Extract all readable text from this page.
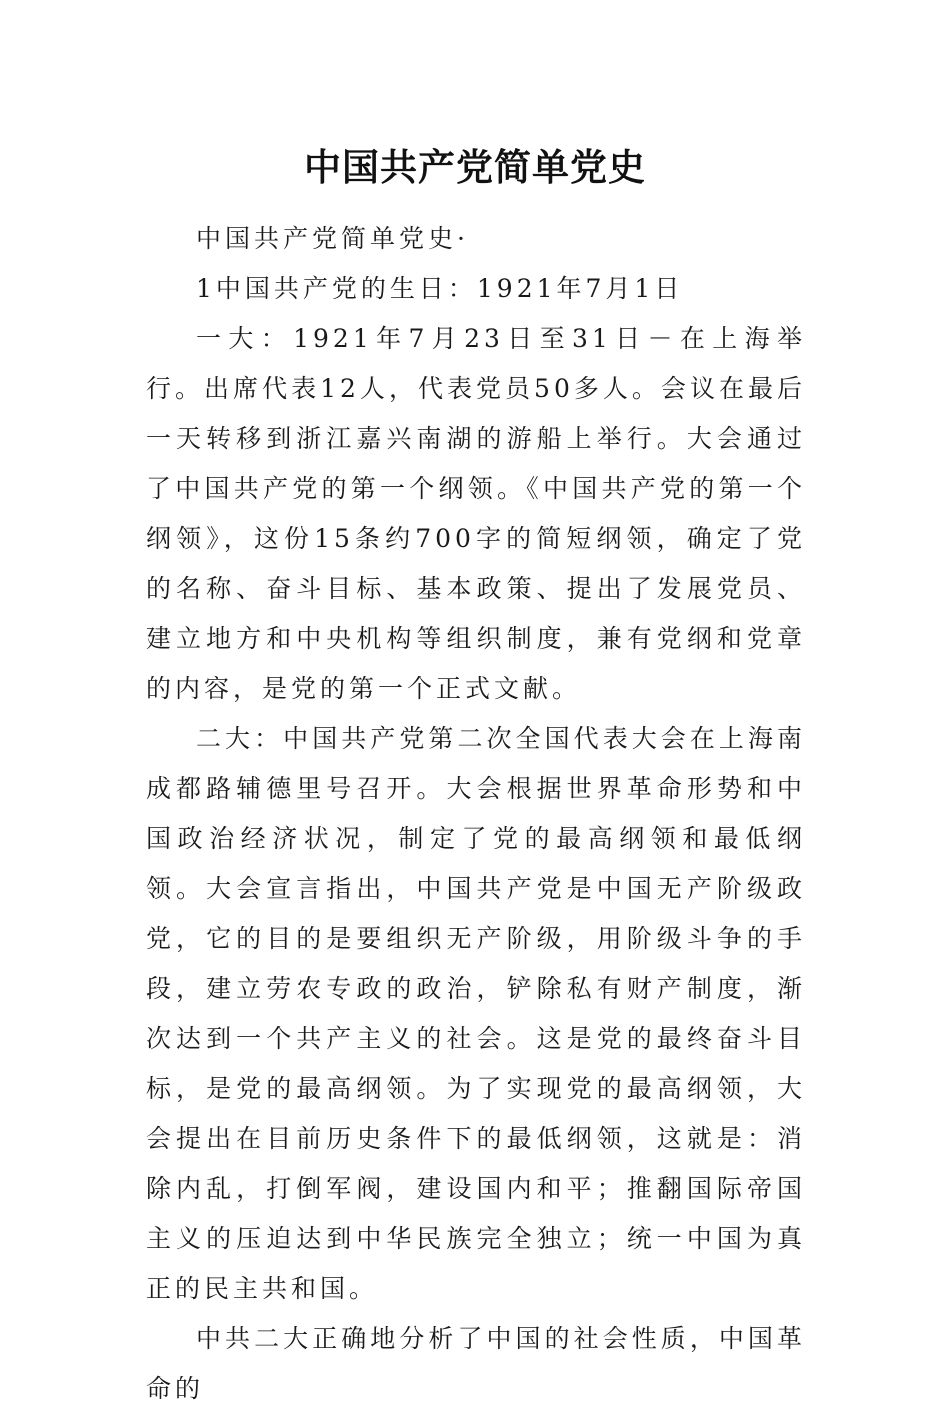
中国共产党简单党史

中国共产党简单党史·

1中国共产党的生日：1921年7月1日

一大：1921年7月23日至31日－在上海举行。出席代表12人，代表党员50多人。会议在最后一天转移到浙江嘉兴南湖的游船上举行。大会通过了中国共产党的第一个纲领。《中国共产党的第一个纲领》，这份15条约700字的简短纲领，确定了党的名称、奋斗目标、基本政策、提出了发展党员、建立地方和中央机构等组织制度，兼有党纲和党章的内容，是党的第一个正式文献。

二大：中国共产党第二次全国代表大会在上海南成都路辅德里号召开。大会根据世界革命形势和中国政治经济状况，制定了党的最高纲领和最低纲领。大会宣言指出，中国共产党是中国无产阶级政党，它的目的是要组织无产阶级，用阶级斗争的手段，建立劳农专政的政治，铲除私有财产制度，渐次达到一个共产主义的社会。这是党的最终奋斗目标，是党的最高纲领。为了实现党的最高纲领，大会提出在目前历史条件下的最低纲领，这就是：消除内乱，打倒军阀，建设国内和平；推翻国际帝国主义的压迫达到中华民族完全独立；统一中国为真正的民主共和国。

中共二大正确地分析了中国的社会性质，中国革命的
